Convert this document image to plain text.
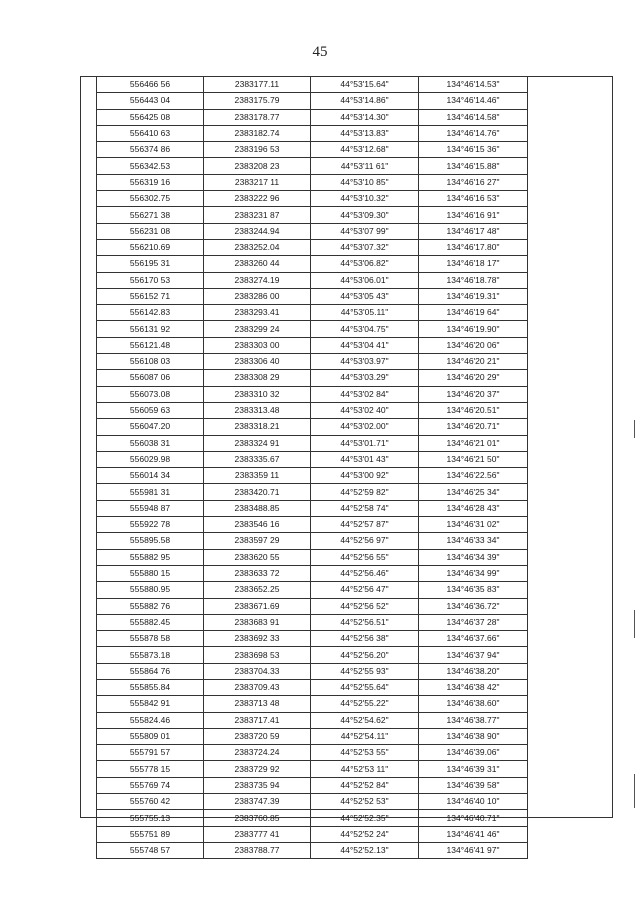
45
556466 56	2383177.11	44°53'15.64"	134°46'14.53"
556443 04	2383175.79	44°53'14.86"	134°46'14.46"
556425 08	2383178.77	44°53'14.30"	134°46'14.58"
556410 63	2383182.74	44°53'13.83"	134°46'14.76"
556374 86	2383196 53	44°53'12.68"	134°46'15 36"
556342.53	2383208 23	44°53'11 61"	134°46'15.88"
556319 16	2383217 11	44°53'10 85"	134°46'16 27"
556302.75	2383222 96	44°53'10.32"	134°46'16 53"
556271 38	2383231 87	44°53'09.30"	134°46'16 91"
556231 08	2383244.94	44°53'07 99"	134°46'17 48"
556210.69	2383252.04	44°53'07.32"	134°46'17.80"
556195 31	2383260 44	44°53'06.82"	134°46'18 17"
556170 53	2383274.19	44°53'06.01"	134°46'18.78"
556152 71	2383286 00	44°53'05 43"	134°46'19.31"
556142.83	2383293.41	44°53'05.11"	134°46'19 64"
556131 92	2383299 24	44°53'04.75"	134°46'19.90"
556121.48	2383303 00	44°53'04 41"	134°46'20 06"
556108 03	2383306 40	44°53'03.97"	134°46'20 21"
556087 06	2383308 29	44°53'03.29"	134°46'20 29"
556073.08	2383310 32	44°53'02 84"	134°46'20 37"
556059 63	2383313.48	44°53'02 40"	134°46'20.51"
556047.20	2383318.21	44°53'02.00"	134°46'20.71"
556038 31	2383324 91	44°53'01.71"	134°46'21 01"
556029.98	2383335.67	44°53'01 43"	134°46'21 50"
556014 34	2383359 11	44°53'00 92"	134°46'22.56"
555981 31	2383420.71	44°52'59 82"	134°46'25 34"
555948 87	2383488.85	44°52'58 74"	134°46'28 43"
555922 78	2383546 16	44°52'57 87"	134°46'31 02"
555895.58	2383597 29	44°52'56 97"	134°46'33 34"
555882 95	2383620 55	44°52'56 55"	134°46'34 39"
555880 15	2383633 72	44°52'56.46"	134°46'34 99"
555880.95	2383652.25	44°52'56 47"	134°46'35 83"
555882 76	2383671.69	44°52'56 52"	134°46'36.72"
555882.45	2383683 91	44°52'56.51"	134°46'37 28"
555878 58	2383692 33	44°52'56 38"	134°46'37.66"
555873.18	2383698 53	44°52'56.20"	134°46'37 94"
555864 76	2383704.33	44°52'55 93"	134°46'38.20"
555855.84	2383709.43	44°52'55.64"	134°46'38 42"
555842 91	2383713 48	44°52'55.22"	134°46'38.60"
555824.46	2383717.41	44°52'54.62"	134°46'38.77"
555809 01	2383720 59	44°52'54.11"	134°46'38 90"
555791 57	2383724.24	44°52'53 55"	134°46'39.06"
555778 15	2383729 92	44°52'53 11"	134°46'39 31"
555769 74	2383735 94	44°52'52 84"	134°46'39 58"
555760 42	2383747.39	44°52'52 53"	134°46'40 10"
555755.13	2383760.85	44°52'52.35"	134°46'40.71"
555751 89	2383777 41	44°52'52 24"	134°46'41 46"
555748 57	2383788.77	44°52'52.13"	134°46'41 97"
